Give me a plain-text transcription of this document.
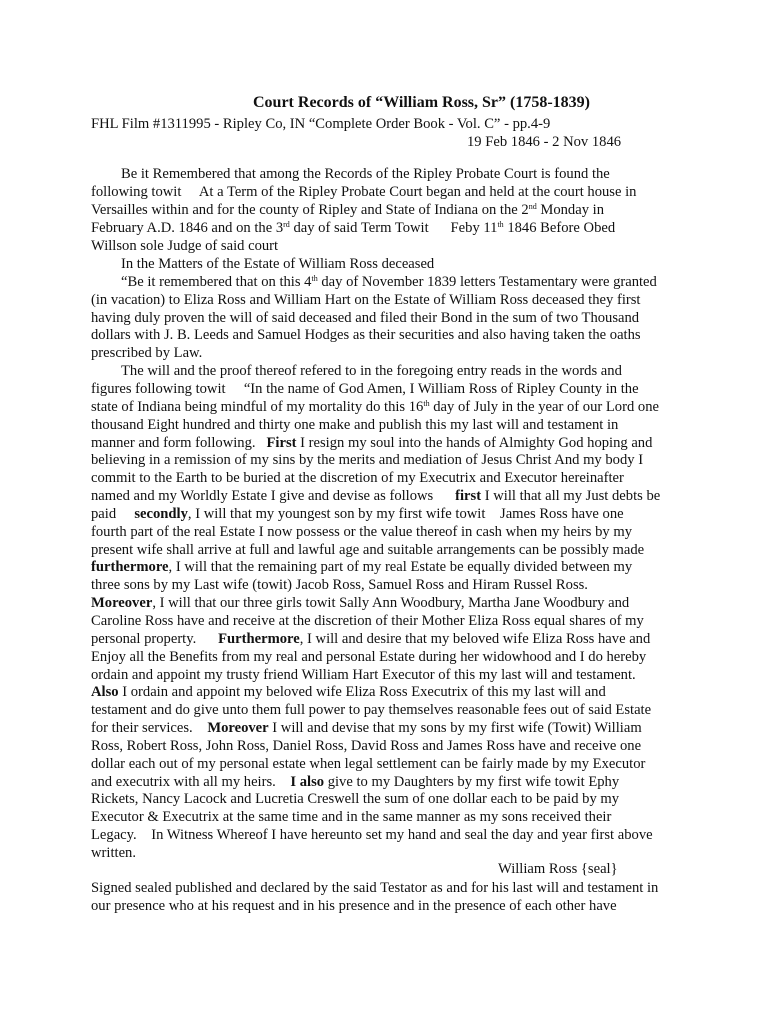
Court Records of “William Ross, Sr” (1758-1839)
FHL Film #1311995 - Ripley Co, IN “Complete Order Book - Vol. C” - pp.4-9
19 Feb 1846 - 2 Nov 1846
Be it Remembered that among the Records of the Ripley Probate Court is found the
following towit     At a Term of the Ripley Probate Court began and held at the court house in
Versailles within and for the county of Ripley and State of Indiana on the 2nd Monday in
February A.D. 1846 and on the 3rd day of said Term Towit      Feby 11th 1846 Before Obed
Willson sole Judge of said court
In the Matters of the Estate of William Ross deceased
“Be it remembered that on this 4th day of November 1839 letters Testamentary were granted
(in vacation) to Eliza Ross and William Hart on the Estate of William Ross deceased they first
having duly proven the will of said deceased and filed their Bond in the sum of two Thousand
dollars with J. B. Leeds and Samuel Hodges as their securities and also having taken the oaths
prescribed by Law.
The will and the proof thereof refered to in the foregoing entry reads in the words and
figures following towit     “In the name of God Amen, I William Ross of Ripley County in the
state of Indiana being mindful of my mortality do this 16th day of July in the year of our Lord one
thousand Eight hundred and thirty one make and publish this my last will and testament in
manner and form following.   First I resign my soul into the hands of Almighty God hoping and
believing in a remission of my sins by the merits and mediation of Jesus Christ And my body I
commit to the Earth to be buried at the discretion of my Executrix and Executor hereinafter
named and my Worldly Estate I give and devise as follows      first I will that all my Just debts be
paid     secondly, I will that my youngest son by my first wife towit    James Ross have one
fourth part of the real Estate I now possess or the value thereof in cash when my heirs by my
present wife shall arrive at full and lawful age and suitable arrangements can be possibly made
furthermore, I will that the remaining part of my real Estate be equally divided between my
three sons by my Last wife (towit) Jacob Ross, Samuel Ross and Hiram Russel Ross.
Moreover, I will that our three girls towit Sally Ann Woodbury, Martha Jane Woodbury and
Caroline Ross have and receive at the discretion of their Mother Eliza Ross equal shares of my
personal property.      Furthermore, I will and desire that my beloved wife Eliza Ross have and
Enjoy all the Benefits from my real and personal Estate during her widowhood and I do hereby
ordain and appoint my trusty friend William Hart Executor of this my last will and testament.
Also I ordain and appoint my beloved wife Eliza Ross Executrix of this my last will and
testament and do give unto them full power to pay themselves reasonable fees out of said Estate
for their services.    Moreover I will and devise that my sons by my first wife (Towit) William
Ross, Robert Ross, John Ross, Daniel Ross, David Ross and James Ross have and receive one
dollar each out of my personal estate when legal settlement can be fairly made by my Executor
and executrix with all my heirs.    I also give to my Daughters by my first wife towit Ephy
Rickets, Nancy Lacock and Lucretia Creswell the sum of one dollar each to be paid by my
Executor & Executrix at the same time and in the same manner as my sons received their
Legacy.    In Witness Whereof I have hereunto set my hand and seal the day and year first above
written.
William Ross {seal}
Signed sealed published and declared by the said Testator as and for his last will and testament in
our presence who at his request and in his presence and in the presence of each other have
